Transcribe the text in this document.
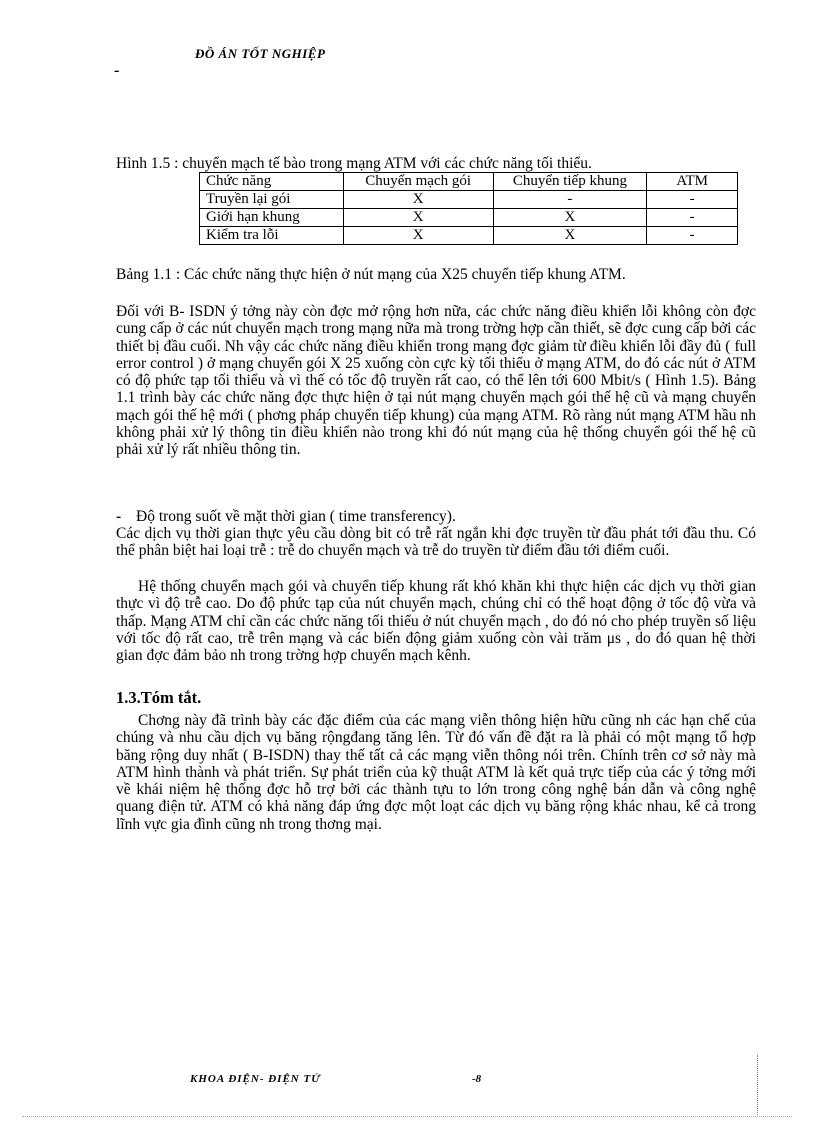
ĐỒ ÁN TỐT NGHIỆP
-
Hình 1.5 : chuyển mạch tế bào trong mạng ATM với các chức năng tối thiểu.
Chức năng	Chuyển mạch gói	Chuyển tiếp khung	ATM
Truyền lại gói	X	-	-
Giới hạn khung	X	X	-
Kiểm tra lỗi	X	X	-
Bảng 1.1 : Các chức năng thực hiện ở nút mạng của X25 chuyển tiếp khung ATM.
Đối với B- ISDN ý tởng này còn đợc mở rộng hơn nữa, các chức năng điều khiển lỗi không còn đợc cung cấp ở các nút chuyển mạch trong mạng nữa mà trong trờng hợp cần thiết, sẽ đợc cung cấp bởi các thiết bị đầu cuối. Nh vậy các chức năng điều khiển trong mạng đợc giảm từ điều khiển lỗi đầy đủ ( full error control ) ở mạng chuyển gói X 25 xuống còn cực kỳ tối thiểu ở mạng ATM, do đó các nút ở ATM có độ phức tạp tối thiểu và vì thế có tốc độ truyền rất cao, có thể lên tới 600 Mbit/s ( Hình 1.5). Bảng 1.1 trình bày các chức năng đợc thực hiện ở tại nút mạng chuyển mạch gói thế hệ cũ và mạng chuyển mạch gói thế hệ mới ( phơng pháp chuyển tiếp khung) của mạng ATM. Rõ ràng nút mạng ATM hầu nh không phải xử lý thông tin điều khiển nào trong khi đó nút mạng của hệ thống chuyển gói thế hệ cũ phải xử lý rất nhiều thông tin.
- Độ trong suốt về mặt thời gian ( time transferency).
Các dịch vụ thời gian thực yêu cầu dòng bit có trễ rất ngắn khi đợc truyền từ đầu phát tới đầu thu. Có thể phân biệt hai loại trễ : trễ do chuyển mạch và trễ do truyền từ điểm đầu tới điểm cuối.
Hệ thống chuyển mạch gói và chuyển tiếp khung rất khó khăn khi thực hiện các dịch vụ thời gian thực vì độ trễ cao. Do độ phức tạp của nút chuyển mạch, chúng chỉ có thể hoạt động ở tốc độ vừa và thấp. Mạng ATM chỉ cần các chức năng tối thiểu ở nút chuyển mạch , do đó nó cho phép truyền số liệu với tốc độ rất cao, trễ trên mạng và các biến động giảm xuống còn vài trăm μs , do đó quan hệ thời gian đợc đảm bảo nh trong trờng hợp chuyển mạch kênh.
1.3.Tóm tắt.
Chơng này đã trình bày các đặc điểm của các mạng viễn thông hiện hữu cũng nh các hạn chế của chúng và nhu cầu dịch vụ băng rộngđang tăng lên. Từ đó vấn đề đặt ra là phải có một mạng tổ hợp băng rộng duy nhất ( B-ISDN) thay thế tất cả các mạng viễn thông nói trên. Chính trên cơ sở này mà ATM hình thành và phát triển. Sự phát triển của kỹ thuật ATM là kết quả trực tiếp của các ý tởng mới về khái niệm hệ thống đợc hỗ trợ bởi các thành tựu to lớn trong công nghệ bán dẫn và công nghệ quang điện tử. ATM có khả năng đáp ứng đợc một loạt các dịch vụ băng rộng khác nhau, kể cả trong lĩnh vực gia đình cũng nh trong thơng mại.
KHOA ĐIỆN- ĐIỆN TỬ	-8
